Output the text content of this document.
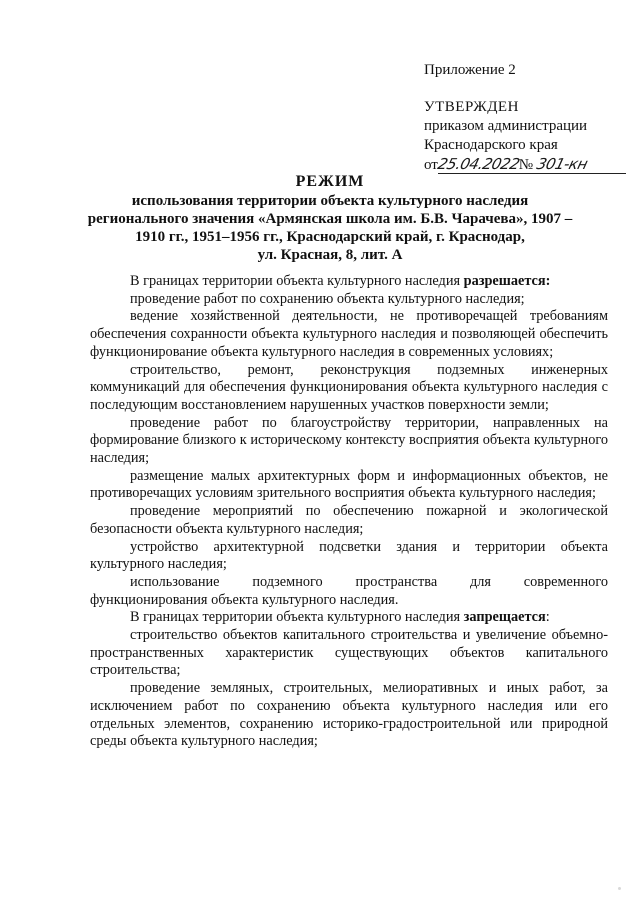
Приложение 2
УТВЕРЖДЕН
приказом администрации
Краснодарского края
от25.04.2022№ 301-кн
РЕЖИМ
использования территории объекта культурного наследия
регионального значения «Армянская школа им. Б.В. Чарачева», 1907 –
1910 гг., 1951–1956 гг., Краснодарский край, г. Краснодар,
ул. Красная, 8, лит. А

В границах территории объекта культурного наследия разрешается:

проведение работ по сохранению объекта культурного наследия;

ведение хозяйственной деятельности, не противоречащей требованиям обеспечения сохранности объекта культурного наследия и позволяющей обеспечить функционирование объекта культурного наследия в современных условиях;

строительство, ремонт, реконструкция подземных инженерных коммуникаций для обеспечения функционирования объекта культурного наследия с последующим восстановлением нарушенных участков поверхности земли;

проведение работ по благоустройству территории, направленных на формирование близкого к историческому контексту восприятия объекта культурного наследия;

размещение малых архитектурных форм и информационных объектов, не противоречащих условиям зрительного восприятия объекта культурного наследия;

проведение мероприятий по обеспечению пожарной и экологической безопасности объекта культурного наследия;

устройство архитектурной подсветки здания и территории объекта культурного наследия;

использование подземного пространства для современного функционирования объекта культурного наследия.

В границах территории объекта культурного наследия запрещается:

строительство объектов капитального строительства и увеличение объемно-пространственных характеристик существующих объектов капитального строительства;

проведение земляных, строительных, мелиоративных и иных работ, за исключением работ по сохранению объекта культурного наследия или его отдельных элементов, сохранению историко-градостроительной или природной среды объекта культурного наследия;
